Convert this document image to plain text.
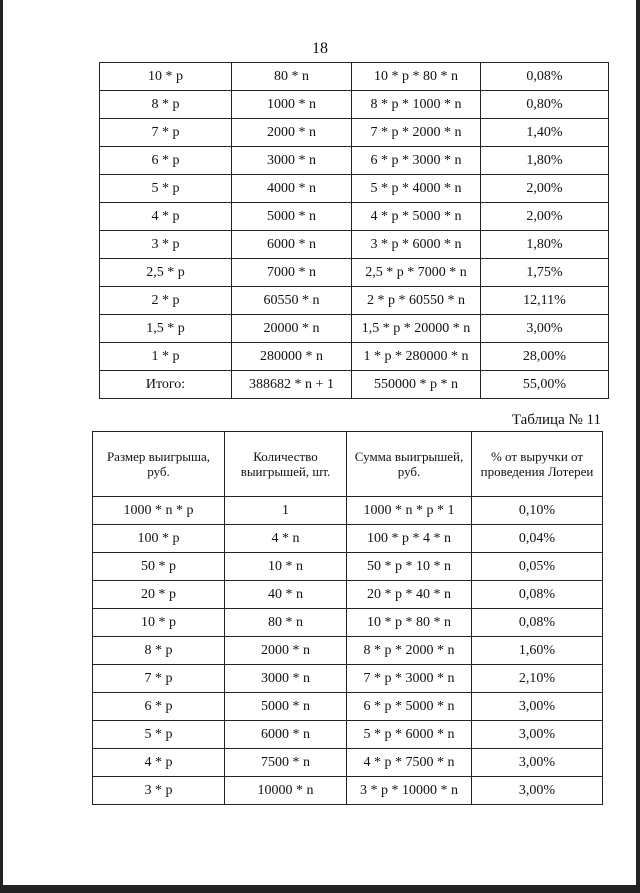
18
10 * р	80 * n	10 * р * 80 * n	0,08%
8 * р	1000 * n	8 * р * 1000 * n	0,80%
7 * р	2000 * n	7 * р * 2000 * n	1,40%
6 * р	3000 * n	6 * р * 3000 * n	1,80%
5 * р	4000 * n	5 * р * 4000 * n	2,00%
4 * р	5000 * n	4 * р * 5000 * n	2,00%
3 * р	6000 * n	3 * р * 6000 * n	1,80%
2,5 * р	7000 * n	2,5 * р * 7000 * n	1,75%
2 * р	60550 * n	2 * р * 60550 * n	12,11%
1,5 * р	20000 * n	1,5 * р * 20000 * n	3,00%
1 * р	280000 * n	1 * р * 280000 * n	28,00%
Итого:	388682 * n + 1	550000 * р * n	55,00%
Таблица № 11
Размер выигрыша, руб.	Количество выигрышей, шт.	Сумма выигрышей, руб.	% от выручки от проведения Лотереи
1000 * n * р	1	1000 * n * р * 1	0,10%
100 * р	4 * n	100 * р * 4 * n	0,04%
50 * р	10 * n	50 * р * 10 * n	0,05%
20 * р	40 * n	20 * р * 40 * n	0,08%
10 * р	80 * n	10 * р * 80 * n	0,08%
8 * р	2000 * n	8 * р * 2000 * n	1,60%
7 * р	3000 * n	7 * р * 3000 * n	2,10%
6 * р	5000 * n	6 * р * 5000 * n	3,00%
5 * р	6000 * n	5 * р * 6000 * n	3,00%
4 * р	7500 * n	4 * р * 7500 * n	3,00%
3 * р	10000 * n	3 * р * 10000 * n	3,00%
